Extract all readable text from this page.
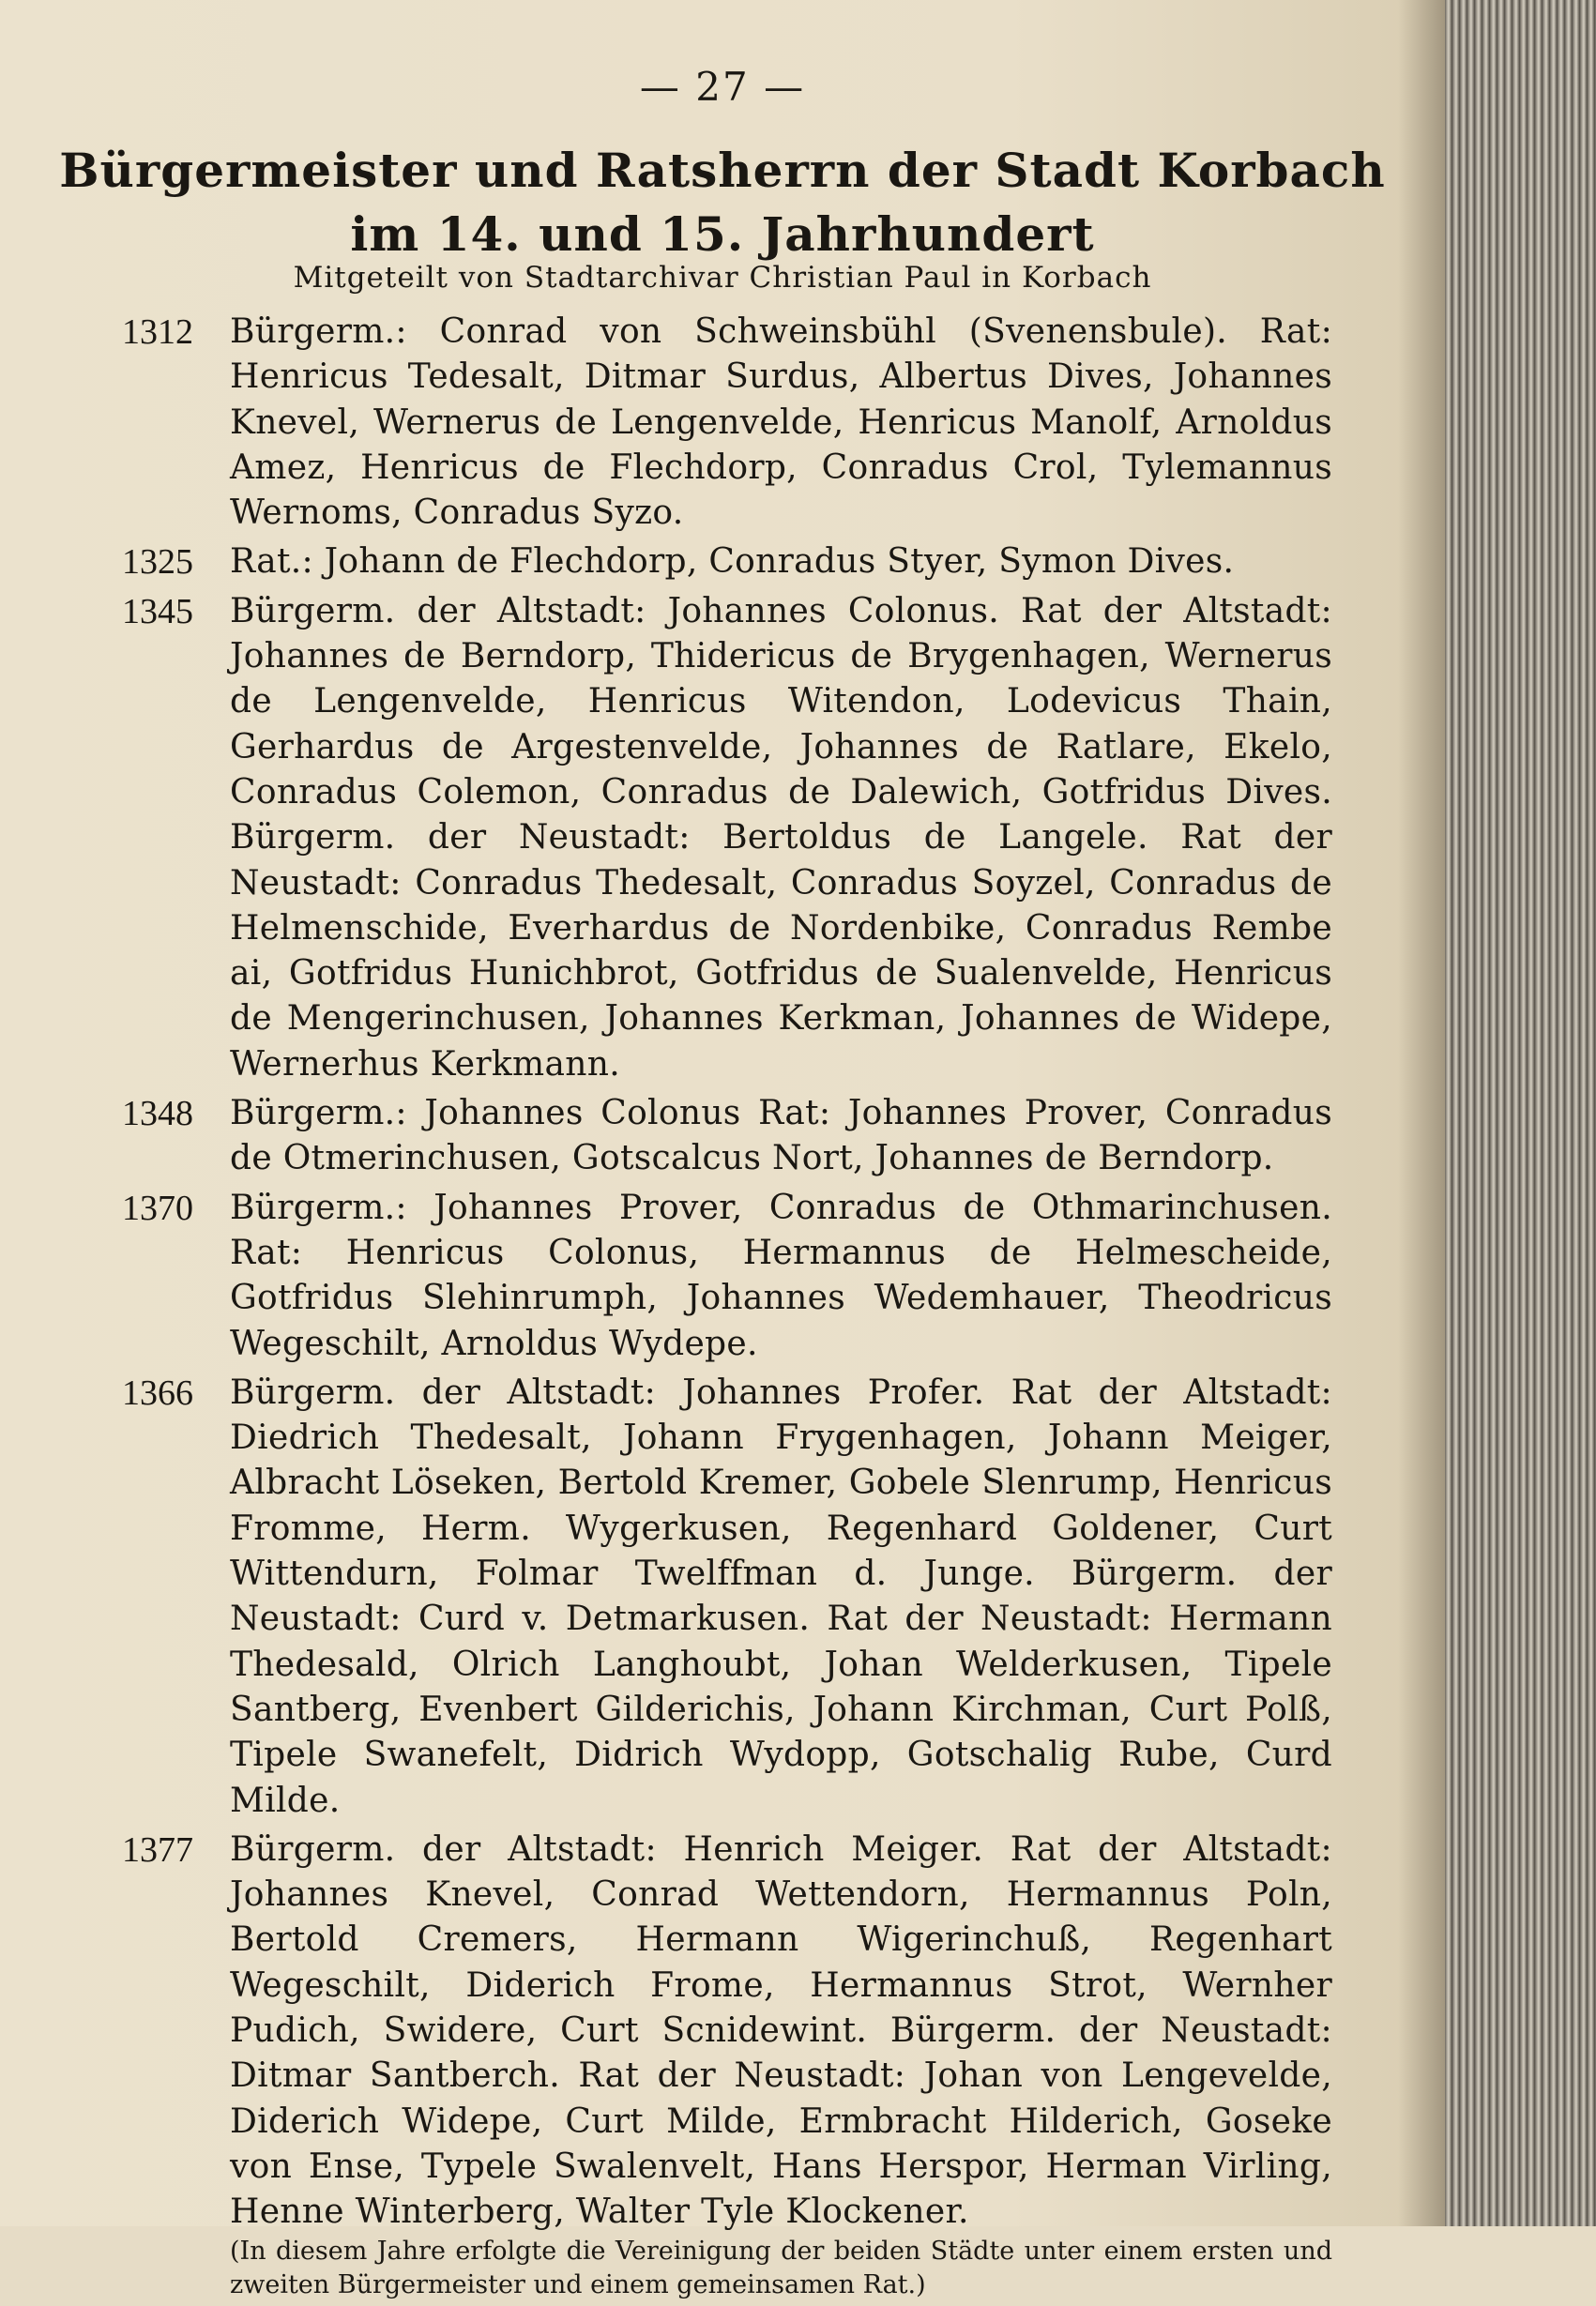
— 27 —
Bürgermeister und Ratsherrn der Stadt Korbach
im 14. und 15. Jahrhundert
Mitgeteilt von Stadtarchivar Christian Paul in Korbach
1312 Bürgerm.: Conrad von Schweinsbühl (Svenensbule). Rat: Henricus Tedesalt, Ditmar Surdus, Albertus Dives, Johannes Knevel, Wernerus de Lengenvelde, Henricus Manolf, Arnoldus Amez, Henricus de Flechdorp, Conradus Crol, Tylemannus Wernoms, Conradus Syzo.
1325 Rat.: Johann de Flechdorp, Conradus Styer, Symon Dives.
1345 Bürgerm. der Altstadt: Johannes Colonus. Rat der Altstadt: Johannes de Berndorp, Thidericus de Brygenhagen, Wernerus de Lengenvelde, Henricus Witendon, Lodevicus Thain, Gerhardus de Argestenvelde, Johannes de Ratlare, Ekelo, Conradus Colemon, Conradus de Dalewich, Gotfridus Dives. Bürgerm. der Neustadt: Bertoldus de Langele. Rat der Neustadt: Conradus Thedesalt, Conradus Soyzel, Conradus de Helmenschide, Everhardus de Nordenbike, Conradus Rembe ai, Gotfridus Hunichbrot, Gotfridus de Sualenvelde, Henricus de Mengerinchusen, Johannes Kerkman, Johannes de Widepe, Wernerhus Kerkmann.
1348 Bürgerm.: Johannes Colonus Rat: Johannes Prover, Conradus de Otmerinchusen, Gotscalcus Nort, Johannes de Berndorp.
1370 Bürgerm.: Johannes Prover, Conradus de Othmarinchusen. Rat: Henricus Colonus, Hermannus de Helmescheide, Gotfridus Slehinrumph, Johannes Wedemhauer, Theodricus Wegeschilt, Arnoldus Wydepe.
1366 Bürgerm. der Altstadt: Johannes Profer. Rat der Altstadt: Diedrich Thedesalt, Johann Frygenhagen, Johann Meiger, Albracht Löseken, Bertold Kremer, Gobele Slenrump, Henricus Fromme, Herm. Wygerkusen, Regenhard Goldener, Curt Wittendurn, Folmar Twelffman d. Junge. Bürgerm. der Neustadt: Curd v. Detmarkusen. Rat der Neustadt: Hermann Thedesald, Olrich Langhoubt, Johan Welderkusen, Tipele Santberg, Evenbert Gilderichis, Johann Kirchman, Curt Polß, Tipele Swanefelt, Didrich Wydopp, Gotschalig Rube, Curd Milde.
1377 Bürgerm. der Altstadt: Henrich Meiger. Rat der Altstadt: Johannes Knevel, Conrad Wettendorn, Hermannus Poln, Bertold Cremers, Hermann Wigerinchuß, Regenhart Wegeschilt, Diderich Frome, Hermannus Strot, Wernher Pudich, Swidere, Curt Scnidewint. Bürgerm. der Neustadt: Ditmar Santberch. Rat der Neustadt: Johan von Lengevelde, Diderich Widepe, Curt Milde, Ermbracht Hilderich, Goseke von Ense, Typele Swalenvelt, Hans Herspor, Herman Virling, Henne Winterberg, Walter Tyle Klockener.
(In diesem Jahre erfolgte die Vereinigung der beiden Städte unter einem ersten und zweiten Bürgermeister und einem gemeinsamen Rat.)
